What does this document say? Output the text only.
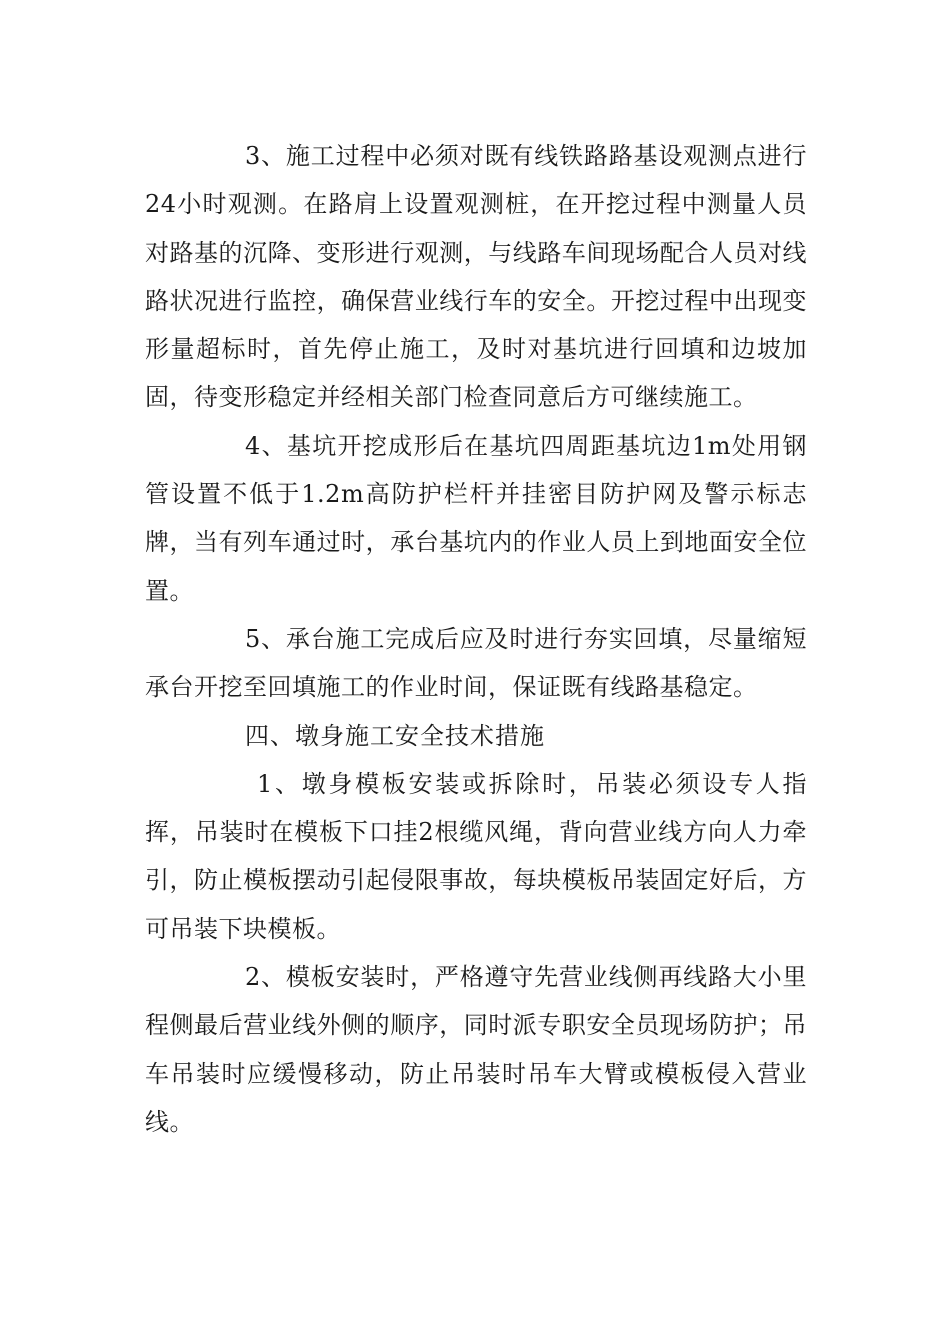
3、施工过程中必须对既有线铁路路基设观测点进行24小时观测。在路肩上设置观测桩，在开挖过程中测量人员对路基的沉降、变形进行观测，与线路车间现场配合人员对线路状况进行监控，确保营业线行车的安全。开挖过程中出现变形量超标时，首先停止施工，及时对基坑进行回填和边坡加固，待变形稳定并经相关部门检查同意后方可继续施工。

4、基坑开挖成形后在基坑四周距基坑边1m处用钢管设置不低于1.2m高防护栏杆并挂密目防护网及警示标志牌，当有列车通过时，承台基坑内的作业人员上到地面安全位置。

5、承台施工完成后应及时进行夯实回填，尽量缩短承台开挖至回填施工的作业时间，保证既有线路基稳定。

四、墩身施工安全技术措施

1、墩身模板安装或拆除时，吊装必须设专人指挥，吊装时在模板下口挂2根缆风绳，背向营业线方向人力牵引，防止模板摆动引起侵限事故，每块模板吊装固定好后，方可吊装下块模板。

2、模板安装时，严格遵守先营业线侧再线路大小里程侧最后营业线外侧的顺序，同时派专职安全员现场防护；吊车吊装时应缓慢移动，防止吊装时吊车大臂或模板侵入营业线。
